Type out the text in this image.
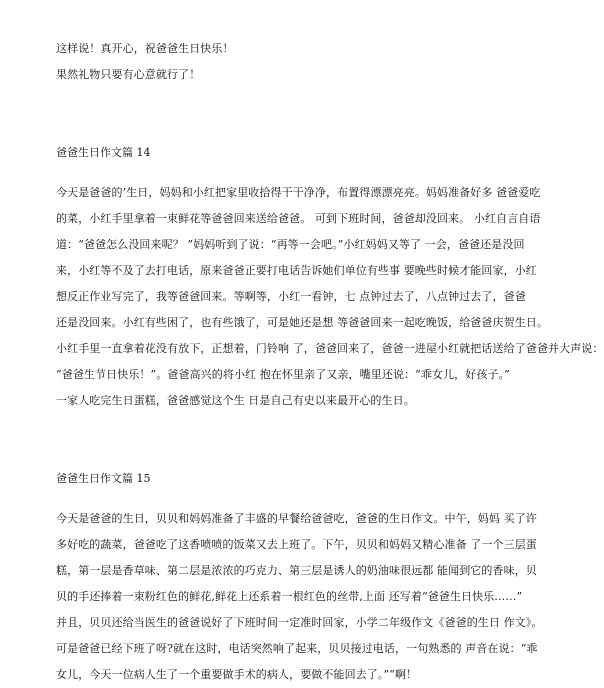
这样说！真开心，祝爸爸生日快乐！
果然礼物只要有心意就行了！
爸爸生日作文篇 14
今天是爸爸的’生日，妈妈和小红把家里收拾得干干净净，布置得漂漂亮亮。妈妈准备好多 爸爸爱吃
的菜，小红手里拿着一束鲜花等爸爸回来送给爸爸。 可到下班时间，爸爸却没回来。 小红自言自语
道：“爸爸怎么没回来呢？ ”妈妈听到了说：“再等一会吧。”小红妈妈又等了 一会，爸爸还是没回
来，小红等不及了去打电话，原来爸爸正要打电话告诉她们单位有些事 要晚些时候才能回家，小红
想反正作业写完了，我等爸爸回来。等啊等，小红一看钟，七 点钟过去了，八点钟过去了，爸爸
还是没回来。小红有些困了，也有些饿了，可是她还是想 等爸爸回来一起吃晚饭，给爸爸庆贺生日。
小红手里一直拿着花没有放下，正想着，门铃响 了，爸爸回来了，爸爸一进屋小红就把话送给了爸爸并大声说：
“爸爸生节日快乐！”。爸爸高兴的将小红 抱在怀里亲了又亲，嘴里还说：“乖女儿，好孩子。”
一家人吃完生日蛋糕，爸爸感觉这个生 日是自己有史以来最开心的生日。
爸爸生日作文篇 15
今天是爸爸的生日，贝贝和妈妈准备了丰盛的早餐给爸爸吃，爸爸的生日作文。中午，妈妈 买了许
多好吃的蔬菜，爸爸吃了这香喷喷的饭菜又去上班了。下午，贝贝和妈妈又精心准备 了一个三层蛋
糕，第一层是香草味、第二层是浓浓的巧克力、第三层是诱人的奶油味很远都 能闻到它的香味，贝
贝的手还捧着一束粉红色的鲜花,鲜花上还系着一根红色的丝带,上面 还写着“爸爸生日快乐……”
并且，贝贝还给当医生的爸爸说好了下班时间一定准时回家，小学二年级作文《爸爸的生日 作文》。
可是爸爸已经下班了呀?就在这时，电话突然响了起来，贝贝接过电话，一句熟悉的 声音在说：“乖
女儿，今天一位病人生了一个重要做手术的病人，要做不能回去了。”“啊！
